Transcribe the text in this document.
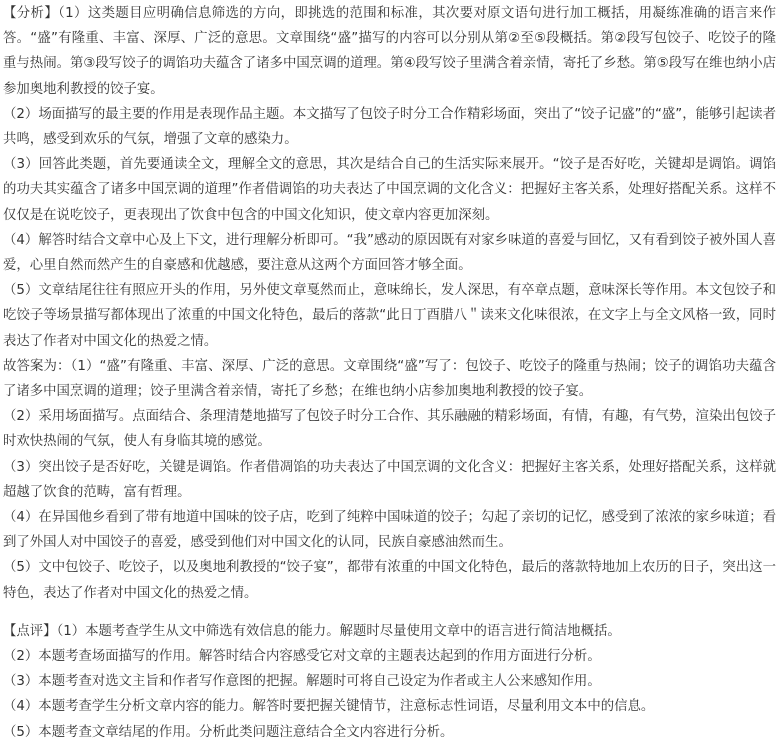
【分析】（1）这类题目应明确信息筛选的方向，即挑选的范围和标准，其次要对原文语句进行加工概括，用凝练准确的语言来作答。“盛”有隆重、丰富、深厚、广泛的意思。文章围绕“盛”描写的内容可以分别从第②至⑤段概括。第②段写包饺子、吃饺子的隆重与热闹。第③段写饺子的调馅功夫蕴含了诸多中国烹调的道理。第④段写饺子里满含着亲情，寄托了乡愁。第⑤段写在维也纳小店参加奥地利教授的饺子宴。

（2）场面描写的最主要的作用是表现作品主题。本文描写了包饺子时分工合作精彩场面，突出了“饺子记盛”的“盛”，能够引起读者共鸣，感受到欢乐的气氛，增强了文章的感染力。

（3）回答此类题，首先要通读全文，理解全文的意思，其次是结合自己的生活实际来展开。“饺子是否好吃，关键却是调馅。调馅的功夫其实蕴含了诸多中国烹调的道理”作者借调馅的功夫表达了中国烹调的文化含义：把握好主客关系，处理好搭配关系。这样不仅仅是在说吃饺子，更表现出了饮食中包含的中国文化知识，使文章内容更加深刻。

（4）解答时结合文章中心及上下文，进行理解分析即可。“我”感动的原因既有对家乡味道的喜爱与回忆，又有看到饺子被外国人喜爱，心里自然而然产生的自豪感和优越感，要注意从这两个方面回答才够全面。

（5）文章结尾往往有照应开头的作用，另外使文章戛然而止，意味绵长，发人深思，有卒章点题，意味深长等作用。本文包饺子和吃饺子等场景描写都体现出了浓重的中国文化特色，最后的落款“此日丁酉腊八＂读来文化味很浓，在文字上与全文风格一致，同时表达了作者对中国文化的热爱之情。

故答案为：（1）“盛”有隆重、丰富、深厚、广泛的意思。文章围绕“盛”写了：包饺子、吃饺子的隆重与热闹；饺子的调馅功夫蕴含了诸多中国烹调的道理；饺子里满含着亲情，寄托了乡愁；在维也纳小店参加奥地利教授的饺子宴。

（2）采用场面描写。点面结合、条理清楚地描写了包饺子时分工合作、其乐融融的精彩场面，有情，有趣，有气势，渲染出包饺子时欢快热闹的气氛，使人有身临其境的感觉。

（3）突出饺子是否好吃，关键是调馅。作者借凋馅的功夫表达了中国烹调的文化含义：把握好主客关系，处理好搭配关系，这样就超越了饮食的范畴，富有哲理。

（4）在异国他乡看到了带有地道中国味的饺子店，吃到了纯粹中国味道的饺子；勾起了亲切的记忆，感受到了浓浓的家乡味道；看到了外国人对中国饺子的喜爱，感受到他们对中国文化的认同，民族自豪感油然而生。

（5）文中包饺子、吃饺子，以及奥地利教授的“饺子宴”，都带有浓重的中国文化特色，最后的落款特地加上农历的日子，突出这一特色，表达了作者对中国文化的热爱之情。

【点评】（1）本题考查学生从文中筛选有效信息的能力。解题时尽量使用文章中的语言进行简洁地概括。

（2）本题考查场面描写的作用。解答时结合内容感受它对文章的主题表达起到的作用方面进行分析。

（3）本题考查对选文主旨和作者写作意图的把握。解题时可将自己设定为作者或主人公来感知作用。

（4）本题考查学生分析文章内容的能力。解答时要把握关键情节，注意标志性词语，尽量利用文本中的信息。

（5）本题考查文章结尾的作用。分析此类问题注意结合全文内容进行分析。
